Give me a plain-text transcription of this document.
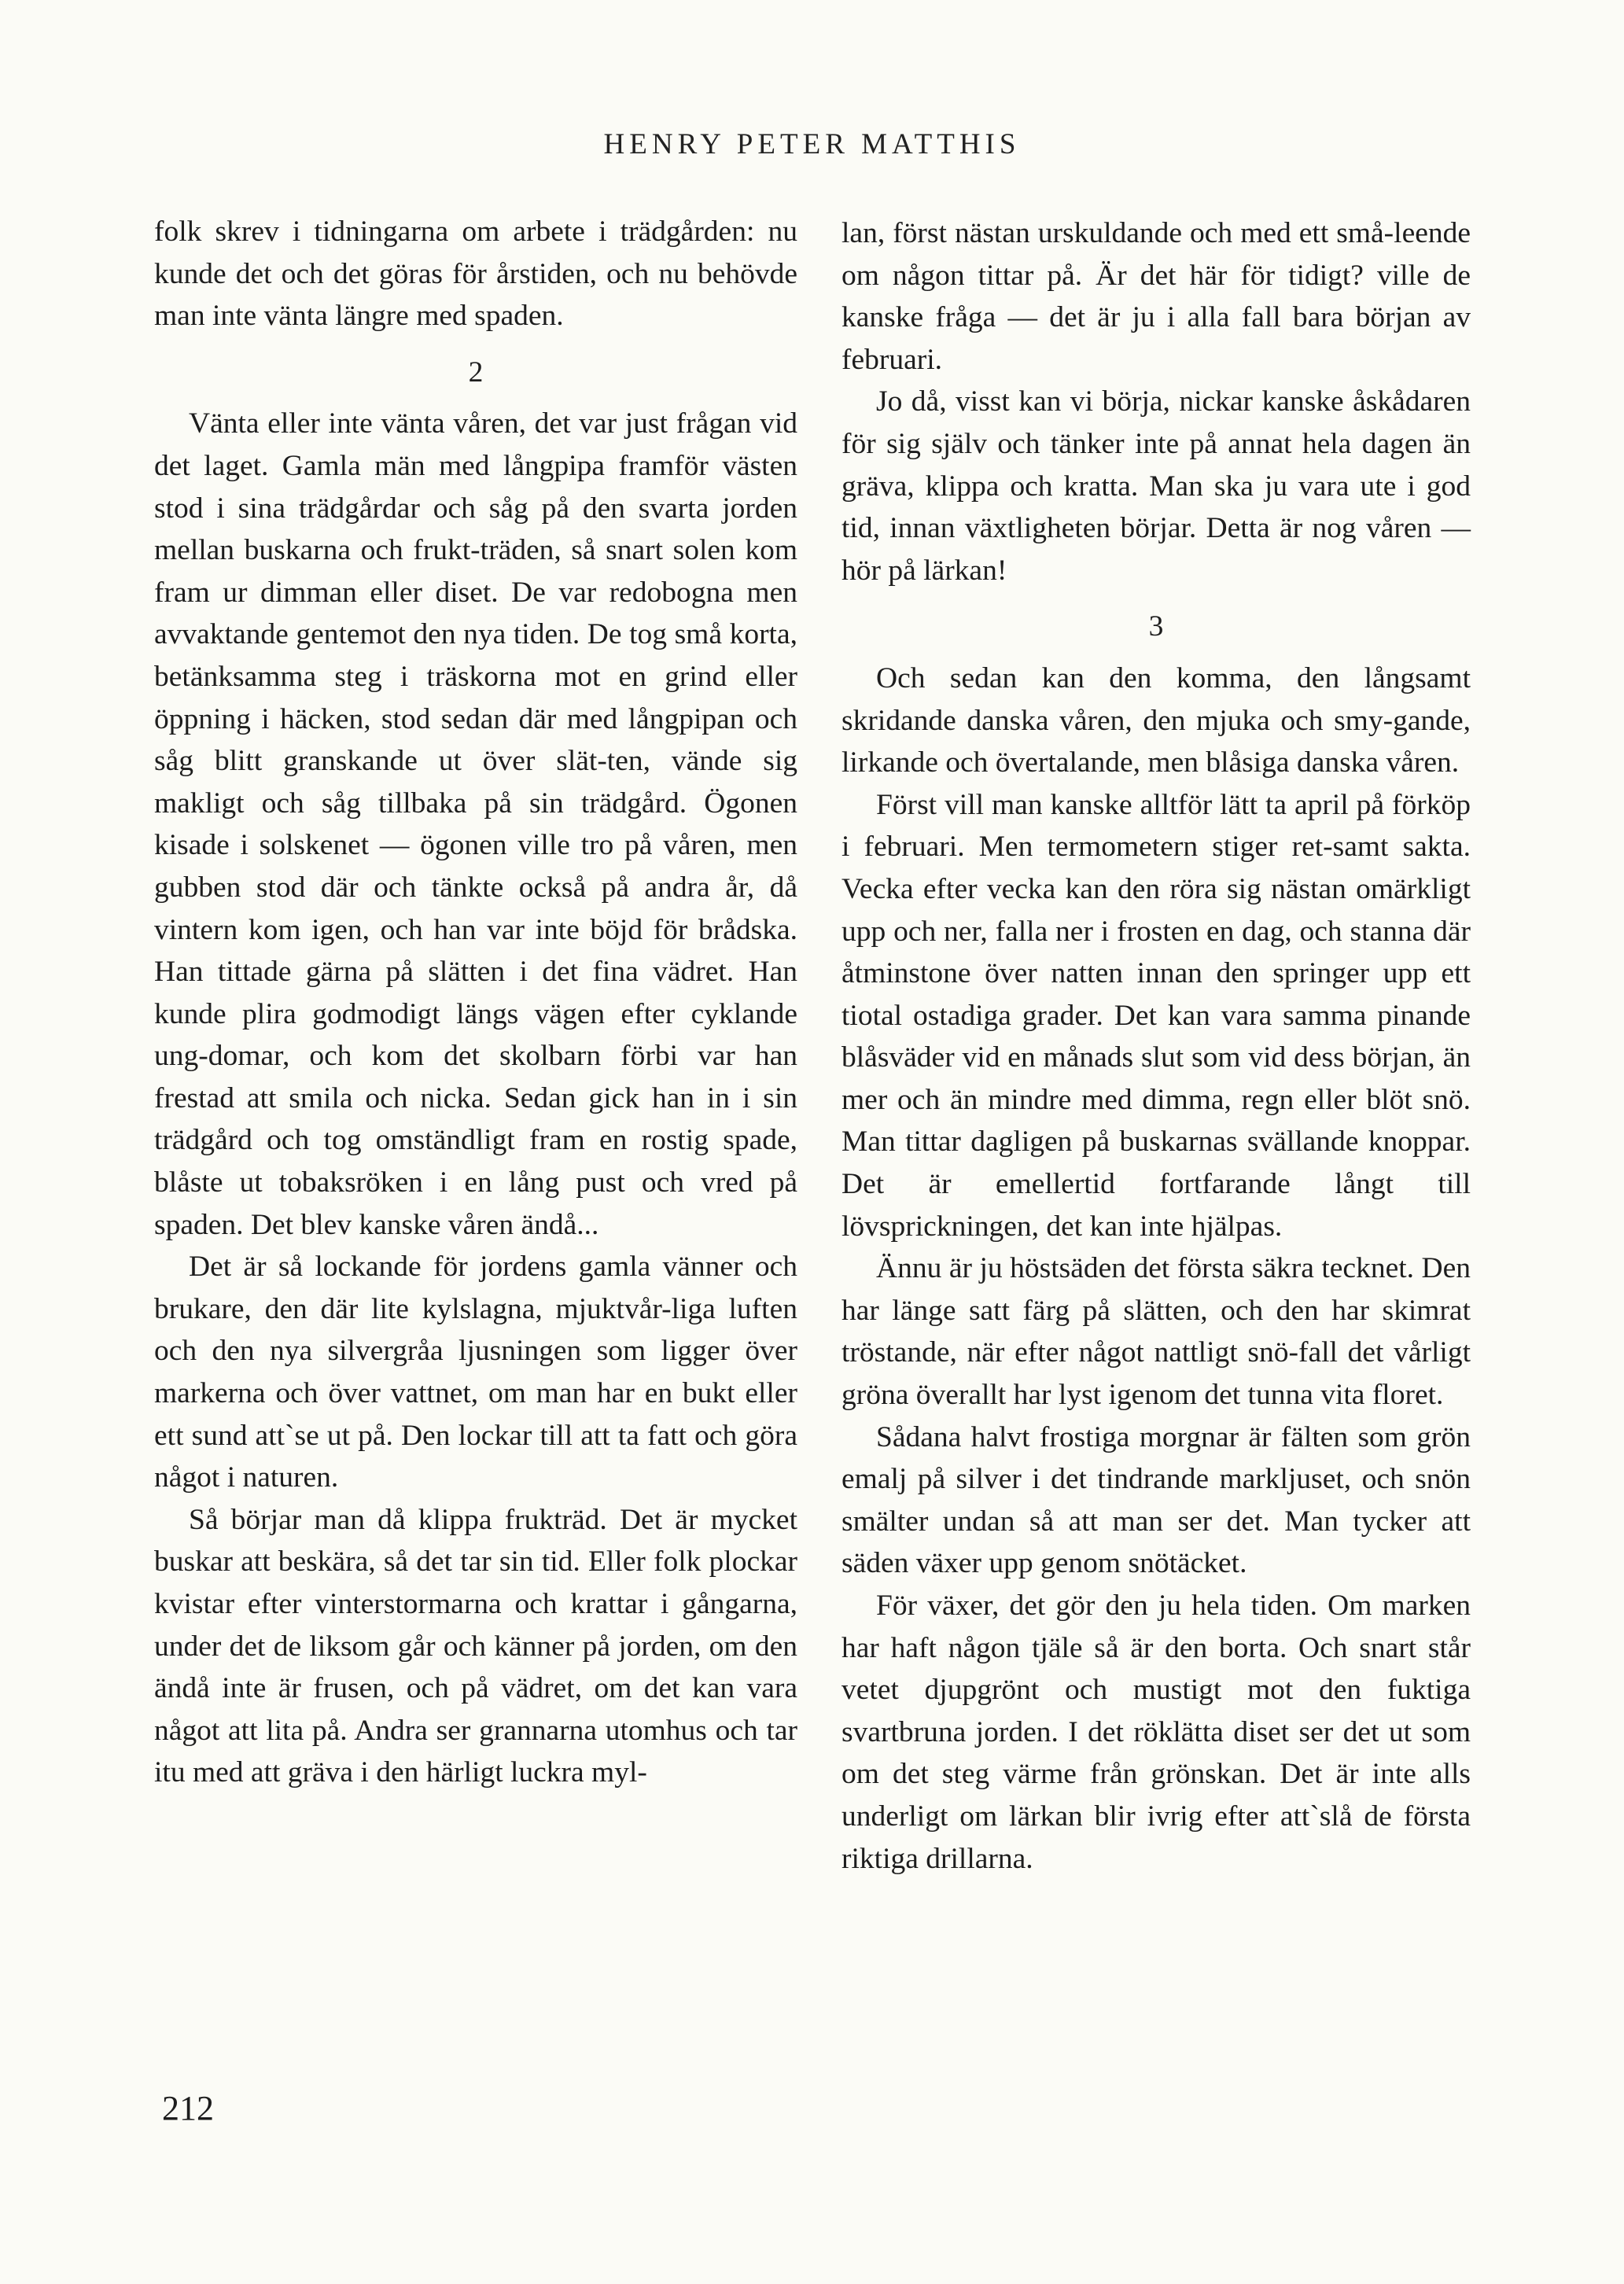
HENRY PETER MATTHIS

folk skrev i tidningarna om arbete i trädgården: nu kunde det och det göras för årstiden, och nu behövde man inte vänta längre med spaden.

2

Vänta eller inte vänta våren, det var just frågan vid det laget. Gamla män med långpipa framför västen stod i sina trädgårdar och såg på den svarta jorden mellan buskarna och frukt-träden, så snart solen kom fram ur dimman eller diset. De var redobogna men avvaktande gentemot den nya tiden. De tog små korta, betänksamma steg i träskorna mot en grind eller öppning i häcken, stod sedan där med långpipan och såg blitt granskande ut över slät-ten, vände sig makligt och såg tillbaka på sin trädgård. Ögonen kisade i solskenet — ögonen ville tro på våren, men gubben stod där och tänkte också på andra år, då vintern kom igen, och han var inte böjd för brådska. Han tittade gärna på slätten i det fina vädret. Han kunde plira godmodigt längs vägen efter cyklande ung-domar, och kom det skolbarn förbi var han frestad att smila och nicka. Sedan gick han in i sin trädgård och tog omständligt fram en rostig spade, blåste ut tobaksröken i en lång pust och vred på spaden. Det blev kanske våren ändå...

Det är så lockande för jordens gamla vänner och brukare, den där lite kylslagna, mjuktvår-liga luften och den nya silvergråa ljusningen som ligger över markerna och över vattnet, om man har en bukt eller ett sund att`se ut på. Den lockar till att ta fatt och göra något i naturen.

Så börjar man då klippa frukträd. Det är mycket buskar att beskära, så det tar sin tid. Eller folk plockar kvistar efter vinterstormarna och krattar i gångarna, under det de liksom går och känner på jorden, om den ändå inte är frusen, och på vädret, om det kan vara något att lita på. Andra ser grannarna utomhus och tar itu med att gräva i den härligt luckra myl-

lan, först nästan urskuldande och med ett små-leende om någon tittar på. Är det här för tidigt? ville de kanske fråga — det är ju i alla fall bara början av februari.

Jo då, visst kan vi börja, nickar kanske åskådaren för sig själv och tänker inte på annat hela dagen än gräva, klippa och kratta. Man ska ju vara ute i god tid, innan växtligheten börjar. Detta är nog våren — hör på lärkan!

3

Och sedan kan den komma, den långsamt skridande danska våren, den mjuka och smy-gande, lirkande och övertalande, men blåsiga danska våren.

Först vill man kanske alltför lätt ta april på förköp i februari. Men termometern stiger ret-samt sakta. Vecka efter vecka kan den röra sig nästan omärkligt upp och ner, falla ner i frosten en dag, och stanna där åtminstone över natten innan den springer upp ett tiotal ostadiga grader. Det kan vara samma pinande blåsväder vid en månads slut som vid dess början, än mer och än mindre med dimma, regn eller blöt snö. Man tittar dagligen på buskarnas svällande knoppar. Det är emellertid fortfarande långt till lövsprickningen, det kan inte hjälpas.

Ännu är ju höstsäden det första säkra tecknet. Den har länge satt färg på slätten, och den har skimrat tröstande, när efter något nattligt snö-fall det vårligt gröna överallt har lyst igenom det tunna vita floret.

Sådana halvt frostiga morgnar är fälten som grön emalj på silver i det tindrande markljuset, och snön smälter undan så att man ser det. Man tycker att säden växer upp genom snötäcket.

För växer, det gör den ju hela tiden. Om marken har haft någon tjäle så är den borta. Och snart står vetet djupgrönt och mustigt mot den fuktiga svartbruna jorden. I det röklätta diset ser det ut som om det steg värme från grönskan. Det är inte alls underligt om lärkan blir ivrig efter att`slå de första riktiga drillarna.

212
